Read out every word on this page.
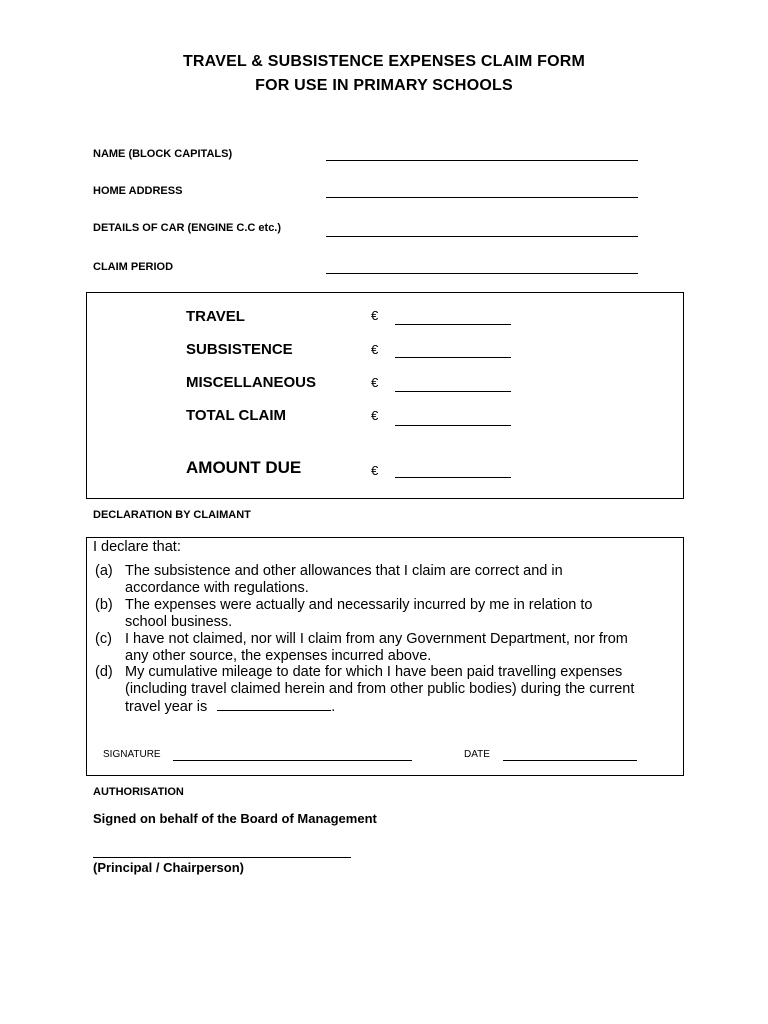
TRAVEL & SUBSISTENCE EXPENSES CLAIM FORM
FOR USE IN PRIMARY SCHOOLS
NAME (BLOCK CAPITALS)
HOME ADDRESS
DETAILS OF CAR (ENGINE C.C etc.)
CLAIM PERIOD
TRAVEL	€
SUBSISTENCE	€
MISCELLANEOUS	€
TOTAL CLAIM	€
AMOUNT DUE	€
DECLARATION BY CLAIMANT
I declare that:
(a) The subsistence and other allowances that I claim are correct and in
accordance with regulations.
(b) The expenses were actually and necessarily incurred by me in relation to
school business.
(c) I have not claimed, nor will I claim from any Government Department, nor from
any other source, the expenses incurred above.
(d) My cumulative mileage to date for which I have been paid travelling expenses
(including travel claimed herein and from other public bodies) during the current
travel year is	.
SIGNATURE	DATE
AUTHORISATION
Signed on behalf of the Board of Management
(Principal / Chairperson)
